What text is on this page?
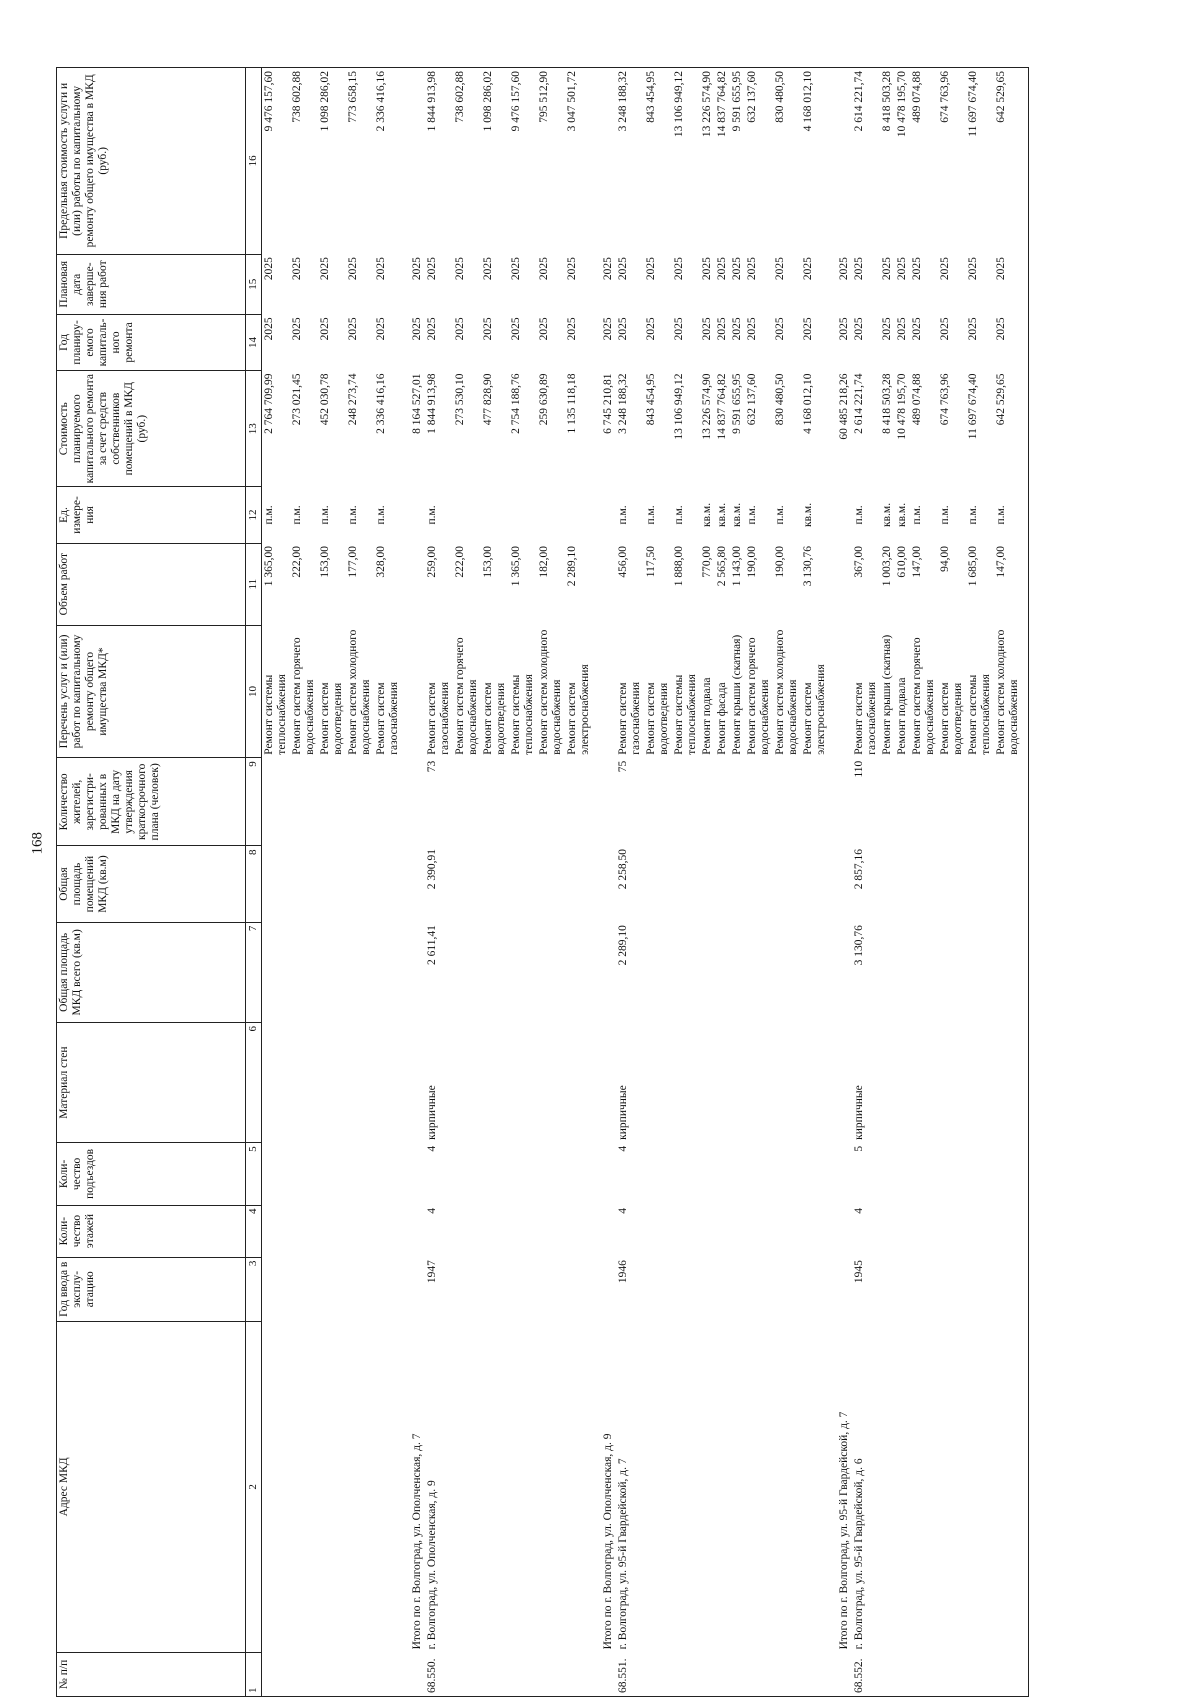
168
№ п/п	Адрес МКД	Год ввода в эксплу-атацию	Коли-чество этажей	Коли-чество подъездов	Материал стен	Общая площадь МКД всего (кв.м)	Общая площадь помещений МКД (кв.м)	Количество жителей, зарегистри-рованных в МКД на дату утверждения краткосрочного плана (человек)	Перечень услуг и (или) работ по капитальному ремонту общего имущества МКД*	Объем работ	Ед. измере-ния	Стоимость планируемого капитального ремонта за счет средств собственников помещений в МКД (руб.)	Год планиру-емого капиталь-ного ремонта	Плановая дата заверше-ния работ	Предельная стоимость услуги и (или) работы по капитальному ремонту общего имущества в МКД (руб.)
1	2	3	4	5	6	7	8	9	10	11	12	13	14	15	16
									Ремонт системы теплоснабжения	1 365,00	п.м.	2 764 709,99	2025	2025	9 476 157,60
									Ремонт систем горячего водоснабжения	222,00	п.м.	273 021,45	2025	2025	738 602,88
									Ремонт систем водоотведения	153,00	п.м.	452 030,78	2025	2025	1 098 286,02
									Ремонт систем холодного водоснабжения	177,00	п.м.	248 273,74	2025	2025	773 658,15
									Ремонт систем газоснабжения	328,00	п.м.	2 336 416,16	2025	2025	2 336 416,16
	Итого по г. Волгоград, ул. Ополченская, д. 7											8 164 527,01	2025	2025	
68.550.	г. Волгоград, ул. Ополченская, д. 9	1947	4	4	кирпичные	2 611,41	2 390,91	73	Ремонт систем газоснабжения	259,00	п.м.	1 844 913,98	2025	2025	1 844 913,98
									Ремонт систем горячего водоснабжения	222,00		273 530,10	2025	2025	738 602,88
									Ремонт систем водоотведения	153,00		477 828,90	2025	2025	1 098 286,02
									Ремонт системы теплоснабжения	1 365,00		2 754 188,76	2025	2025	9 476 157,60
									Ремонт систем холодного водоснабжения	182,00		259 630,89	2025	2025	795 512,90
									Ремонт систем электроснабжения	2 289,10		1 135 118,18	2025	2025	3 047 501,72
	Итого по г. Волгоград, ул. Ополченская, д. 9											6 745 210,81	2025	2025	
68.551.	г. Волгоград, ул. 95-й Гвардейской, д. 7	1946	4	4	кирпичные	2 289,10	2 258,50	75	Ремонт систем газоснабжения	456,00	п.м.	3 248 188,32	2025	2025	3 248 188,32
									Ремонт систем водоотведения	117,50	п.м.	843 454,95	2025	2025	843 454,95
									Ремонт системы теплоснабжения	1 888,00	п.м.	13 106 949,12	2025	2025	13 106 949,12
									Ремонт подвала	770,00	кв.м.	13 226 574,90	2025	2025	13 226 574,90
									Ремонт фасада	2 565,80	кв.м.	14 837 764,82	2025	2025	14 837 764,82
									Ремонт крыши (скатная)	1 143,00	кв.м.	9 591 655,95	2025	2025	9 591 655,95
									Ремонт систем горячего водоснабжения	190,00	п.м.	632 137,60	2025	2025	632 137,60
									Ремонт систем холодного водоснабжения	190,00	п.м.	830 480,50	2025	2025	830 480,50
									Ремонт систем электроснабжения	3 130,76	кв.м.	4 168 012,10	2025	2025	4 168 012,10
	Итого по г. Волгоград, ул. 95-й Гвардейской, д. 7											60 485 218,26	2025	2025	
68.552.	г. Волгоград, ул. 95-й Гвардейской, д. 6	1945	4	5	кирпичные	3 130,76	2 857,16	110	Ремонт систем газоснабжения	367,00	п.м.	2 614 221,74	2025	2025	2 614 221,74
									Ремонт крыши (скатная)	1 003,20	кв.м.	8 418 503,28	2025	2025	8 418 503,28
									Ремонт подвала	610,00	кв.м.	10 478 195,70	2025	2025	10 478 195,70
									Ремонт систем горячего водоснабжения	147,00	п.м.	489 074,88	2025	2025	489 074,88
									Ремонт систем водоотведения	94,00	п.м.	674 763,96	2025	2025	674 763,96
									Ремонт системы теплоснабжения	1 685,00	п.м.	11 697 674,40	2025	2025	11 697 674,40
									Ремонт систем холодного водоснабжения	147,00	п.м.	642 529,65	2025	2025	642 529,65
